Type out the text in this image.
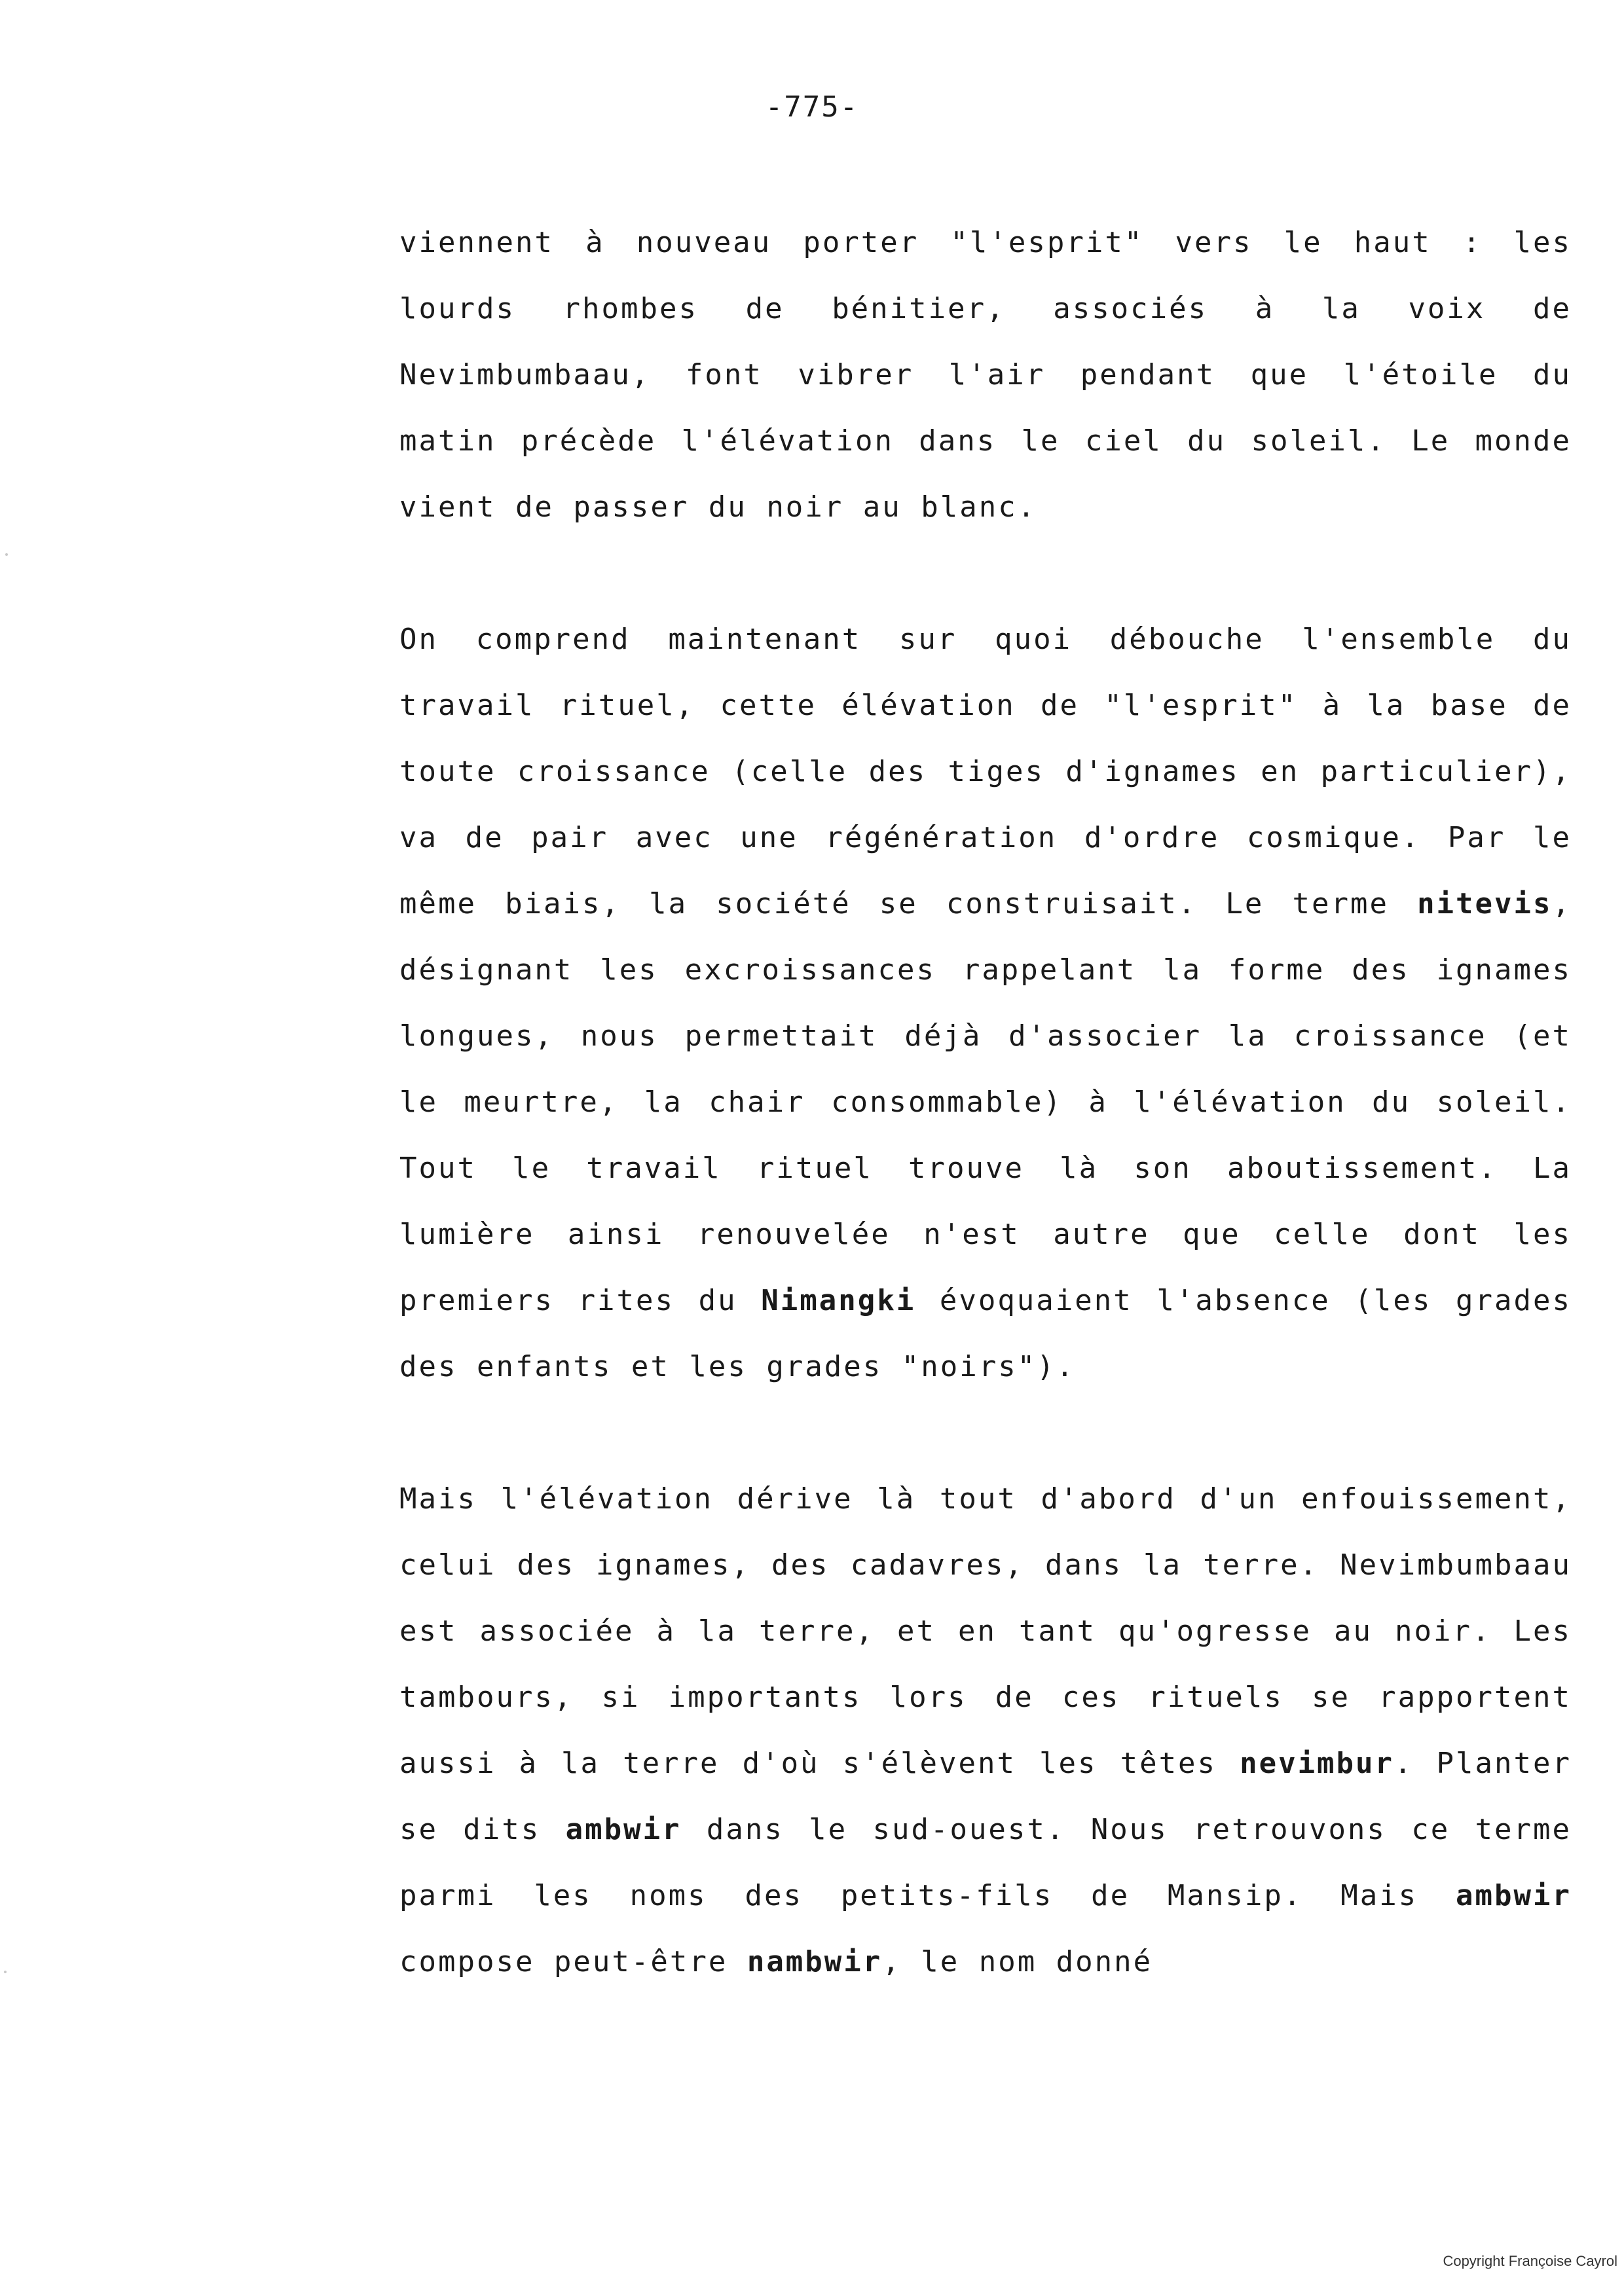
-775-

viennent à nouveau porter "l'esprit" vers le haut : les lourds rhombes de bénitier, associés à la voix de Nevimbumbaau, font vibrer l'air pendant que l'étoile du matin précède l'élévation dans le ciel du soleil. Le monde vient de passer du noir au blanc.

On comprend maintenant sur quoi débouche l'ensemble du travail rituel, cette élévation de "l'esprit" à la base de toute croissance (celle des tiges d'ignames en particulier), va de pair avec une régénération d'ordre cosmique. Par le même biais, la société se construisait. Le terme nitevis, désignant les excroissances rappelant la forme des ignames longues, nous permettait déjà d'associer la croissance (et le meurtre, la chair consommable) à l'élévation du soleil. Tout le travail rituel trouve là son aboutissement. La lumière ainsi renouvelée n'est autre que celle dont les premiers rites du Nimangki évoquaient l'absence (les grades des enfants et les grades "noirs").

Mais l'élévation dérive là tout d'abord d'un enfouissement, celui des ignames, des cadavres, dans la terre. Nevimbumbaau est associée à la terre, et en tant qu'ogresse au noir. Les tambours, si importants lors de ces rituels se rapportent aussi à la terre d'où s'élèvent les têtes nevimbur. Planter se dits ambwir dans le sud-ouest. Nous retrouvons ce terme parmi les noms des petits-fils de Mansip. Mais ambwir compose peut-être nambwir, le nom donné

Copyright Françoise Cayrol
